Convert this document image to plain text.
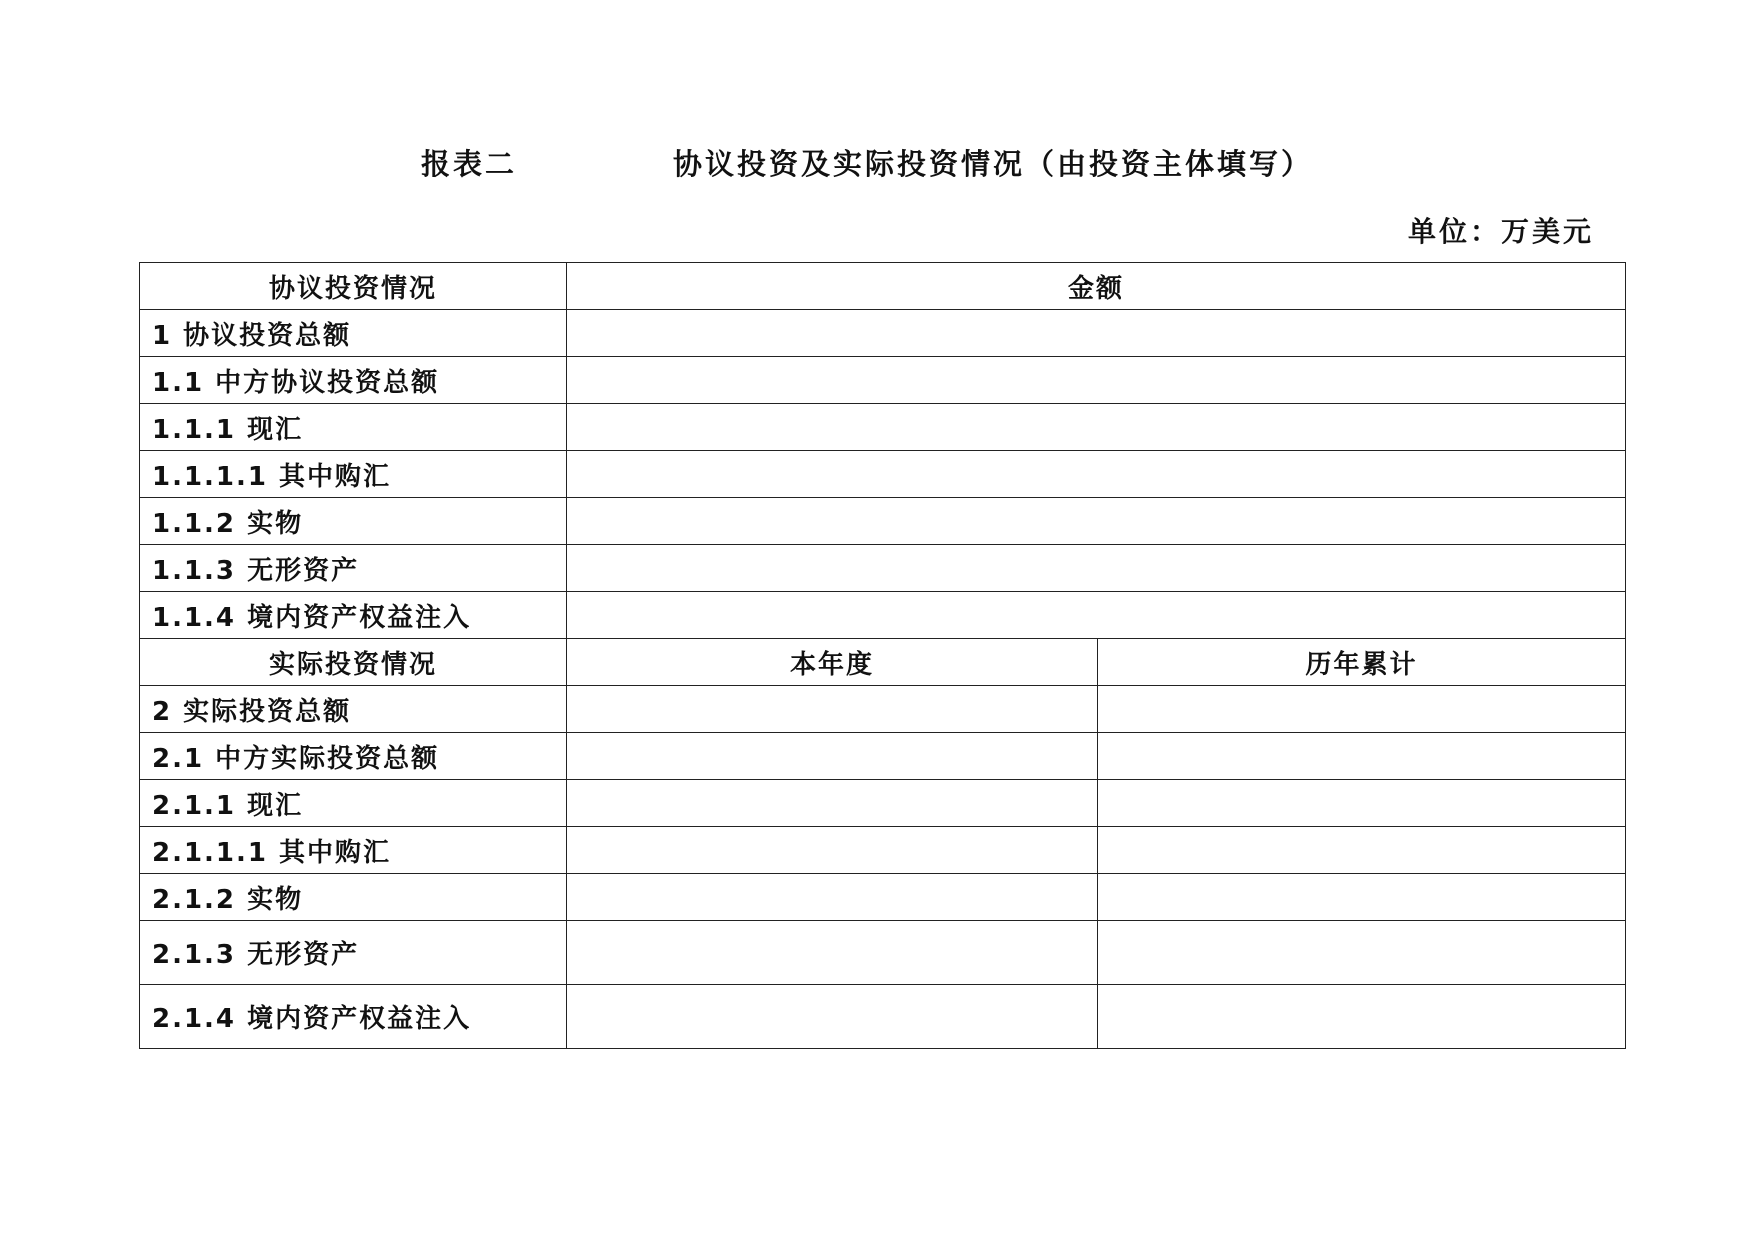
报表二	协议投资及实际投资情况（由投资主体填写）
单位：万美元
协议投资情况	金额	
1 协议投资总额		
1.1 中方协议投资总额		
1.1.1 现汇		
1.1.1.1 其中购汇		
1.1.2 实物		
1.1.3 无形资产		
1.1.4 境内资产权益注入		
实际投资情况	本年度	历年累计
2 实际投资总额		
2.1 中方实际投资总额		
2.1.1 现汇		
2.1.1.1 其中购汇		
2.1.2 实物		
2.1.3 无形资产		
2.1.4 境内资产权益注入		
